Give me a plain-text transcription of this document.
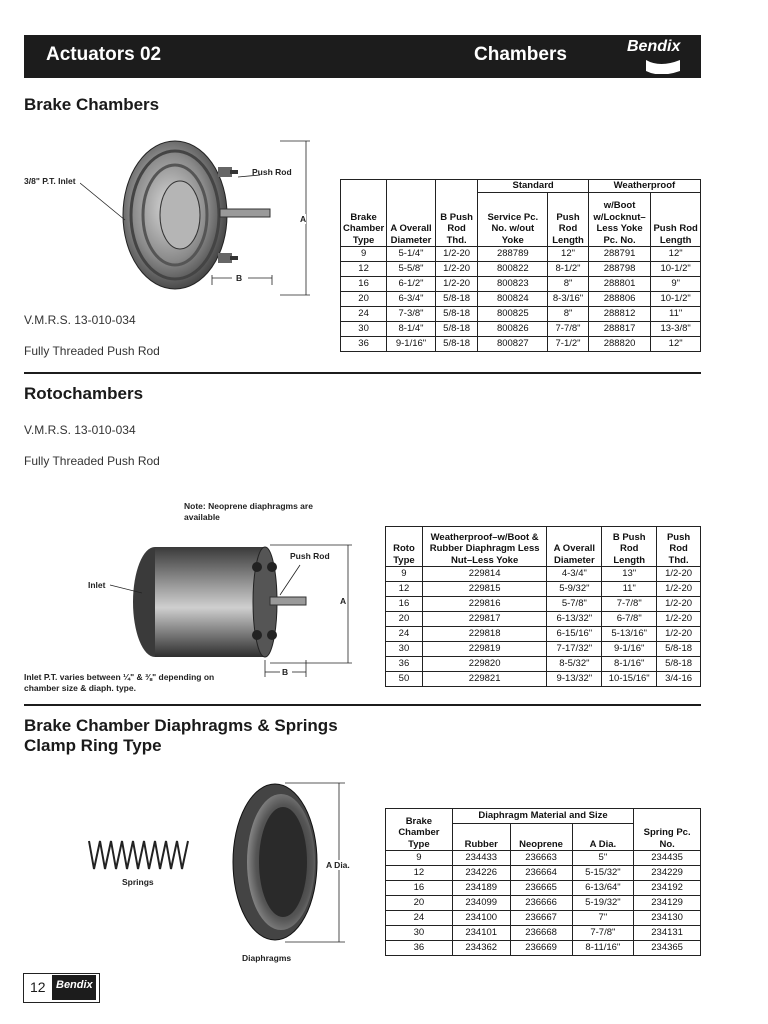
Actuators 02	Chambers	Bendix
Brake Chambers
3/8" P.T. Inlet
Push Rod
A
B
V.M.R.S. 13-010-034
Fully Threaded Push Rod
Brake Chamber Type	A Overall Diameter	B Push Rod Thd.	Standard		Weatherproof	
			Service Pc. No. w/out Yoke	Push Rod Length	w/Boot w/Locknut– Less Yoke Pc. No.	Push Rod Length
9	5-1/4"	1/2-20	288789	12"	288791	12"
12	5-5/8"	1/2-20	800822	8-1/2"	288798	10-1/2"
16	6-1/2"	1/2-20	800823	8"	288801	9"
20	6-3/4"	5/8-18	800824	8-3/16"	288806	10-1/2"
24	7-3/8"	5/8-18	800825	8"	288812	11"
30	8-1/4"	5/8-18	800826	7-7/8"	288817	13-3/8"
36	9-1/16"	5/8-18	800827	7-1/2"	288820	12"
Rotochambers
V.M.R.S. 13-010-034
Fully Threaded Push Rod
Note: Neoprene diaphragms are available
Inlet
Push Rod
A
B
Inlet P.T. varies between ¼" & ⅜" depending on chamber size & diaph. type.
Roto Type	Weatherproof–w/Boot & Rubber Diaphragm Less Nut–Less Yoke	A Overall Diameter	B Push Rod Length	Push Rod Thd.
9	229814	4-3/4"	13"	1/2-20
12	229815	5-9/32"	11"	1/2-20
16	229816	5-7/8"	7-7/8"	1/2-20
20	229817	6-13/32"	6-7/8"	1/2-20
24	229818	6-15/16"	5-13/16"	1/2-20
30	229819	7-17/32"	9-1/16"	5/8-18
36	229820	8-5/32"	8-1/16"	5/8-18
50	229821	9-13/32"	10-15/16"	3/4-16
Brake Chamber Diaphragms & Springs
Clamp Ring Type
Springs
A Dia.
Diaphragms
Brake Chamber Type	Diaphragm Material and Size			Spring Pc. No.
	Rubber	Neoprene	A Dia.	
9	234433	236663	5"	234435
12	234226	236664	5-15/32"	234229
16	234189	236665	6-13/64"	234192
20	234099	236666	5-19/32"	234129
24	234100	236667	7"	234130
30	234101	236668	7-7/8"	234131
36	234362	236669	8-11/16"	234365
12 Bendix
